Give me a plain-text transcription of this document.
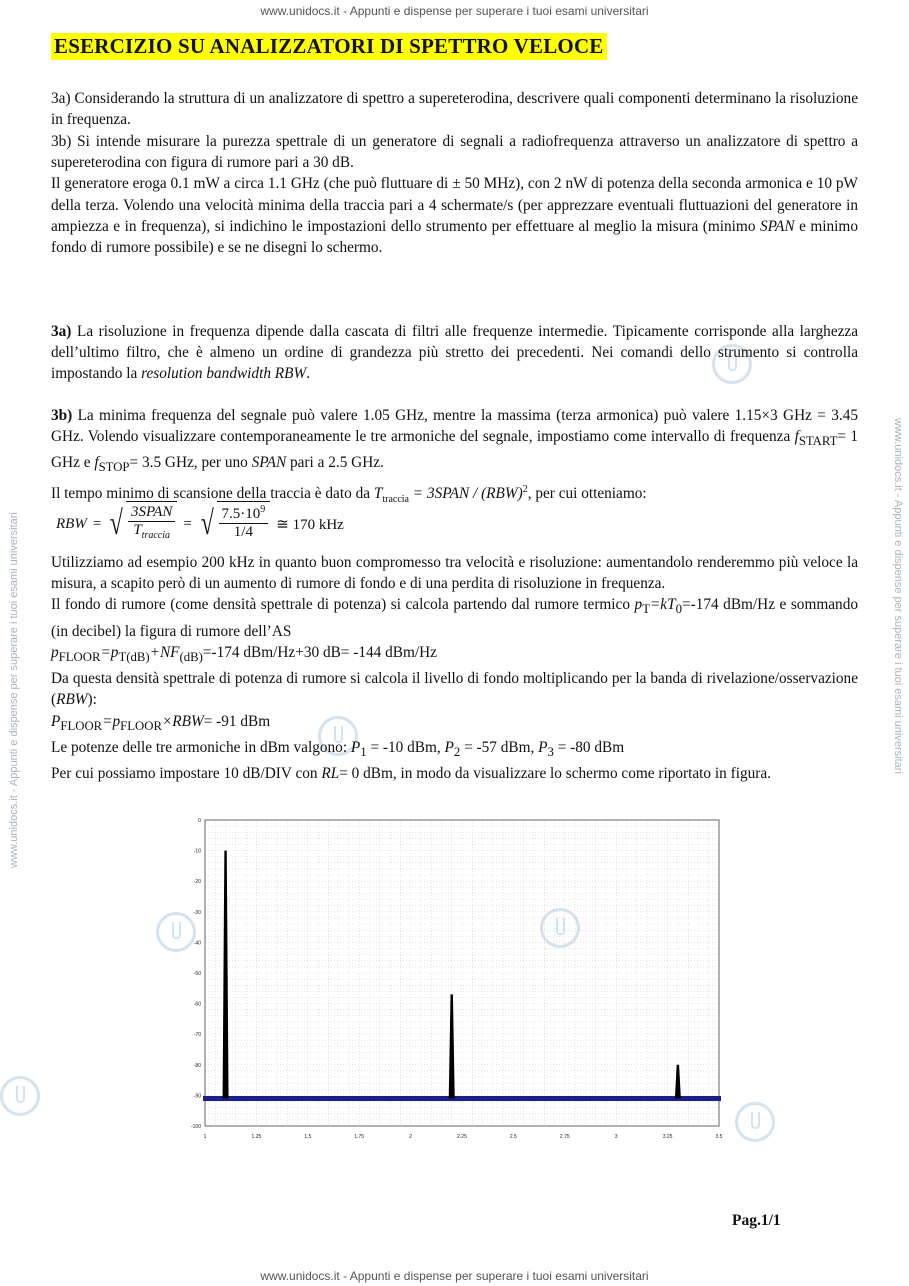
www.unidocs.it - Appunti e dispense per superare i tuoi esami universitari
www.unidocs.it - Appunti e dispense per superare i tuoi esami universitari
www.unidocs.it - Appunti e dispense per superare i tuoi esami universitari	www.unidocs.it - Appunti e dispense per superare i tuoi esami universitari
ESERCIZIO SU ANALIZZATORI DI SPETTRO VELOCE

3a) Considerando la struttura di un analizzatore di spettro a supereterodina, descrivere quali componenti determinano la risoluzione in frequenza.

3b) Si intende misurare la purezza spettrale di un generatore di segnali a radiofrequenza attraverso un analizzatore di spettro a supereterodina con figura di rumore pari a 30 dB.
Il generatore eroga 0.1 mW a circa 1.1 GHz (che può fluttuare di ± 50 MHz), con 2 nW di potenza della seconda armonica e 10 pW della terza. Volendo una velocità minima della traccia pari a 4 schermate/s (per apprezzare eventuali fluttuazioni del generatore in ampiezza e in frequenza), si indichino le impostazioni dello strumento per effettuare al meglio la misura (minimo SPAN e minimo fondo di rumore possibile) e se ne disegni lo schermo.

3a) La risoluzione in frequenza dipende dalla cascata di filtri alle frequenze intermedie. Tipicamente corrisponde alla larghezza dell’ultimo filtro, che è almeno un ordine di grandezza più stretto dei precedenti. Nei comandi dello strumento si controlla impostando la resolution bandwidth RBW.

3b) La minima frequenza del segnale può valere 1.05 GHz, mentre la massima (terza armonica) può valere 1.15×3 GHz = 3.45 GHz. Volendo visualizzare contemporaneamente le tre armoniche del segnale, impostiamo come intervallo di frequenza $f_{START}= 1$ GHz e $f_{STOP}= 3.5$ GHz, per uno SPAN pari a 2.5 GHz.
Il tempo minimo di scansione della traccia è dato da $T_{traccia}$ = 3SPAN / (RBW)$^2$, per cui otteniamo:

RBW = √ $\frac{\text{3SPAN}}{T_{traccia}}$ = √ $\frac{7.5\cdot 10^9}{1/4}$ ≅ 170 kHz

Utilizziamo ad esempio 200 kHz in quanto buon compromesso tra velocità e risoluzione: aumentandolo renderemmo più veloce la misura, a scapito però di un aumento di rumore di fondo e di una perdita di risoluzione in frequenza.
Il fondo di rumore (come densità spettrale di potenza) si calcola partendo dal rumore termico $p_T=kT_0=-174$ dBm/Hz e sommando (in decibel) la figura di rumore dell’AS
$p_{FLOOR}=p_{T(dB)}+NF_{(dB)}=-174$ dBm/Hz+30 dB= -144 dBm/Hz
Da questa densità spettrale di potenza di rumore si calcola il livello di fondo moltiplicando per la banda di rivelazione/osservazione (RBW):
$P_{FLOOR}=p_{FLOOR}\times RBW= -91$ dBm
Le potenze delle tre armoniche in dBm valgono: $P_1 = -10$ dBm, $P_2 = -57$ dBm, $P_3 = -80$ dBm
Per cui possiamo impostare 10 dB/DIV con RL= 0 dBm, in modo da visualizzare lo schermo come riportato in figura.

0
-10
-20
-30
-40
-50
-60
-70
-80
-90
-100
1	1.25	1.5	1.75	2	2.25	2.5	2.75	3	3.25	3.5
Pag.1/1
